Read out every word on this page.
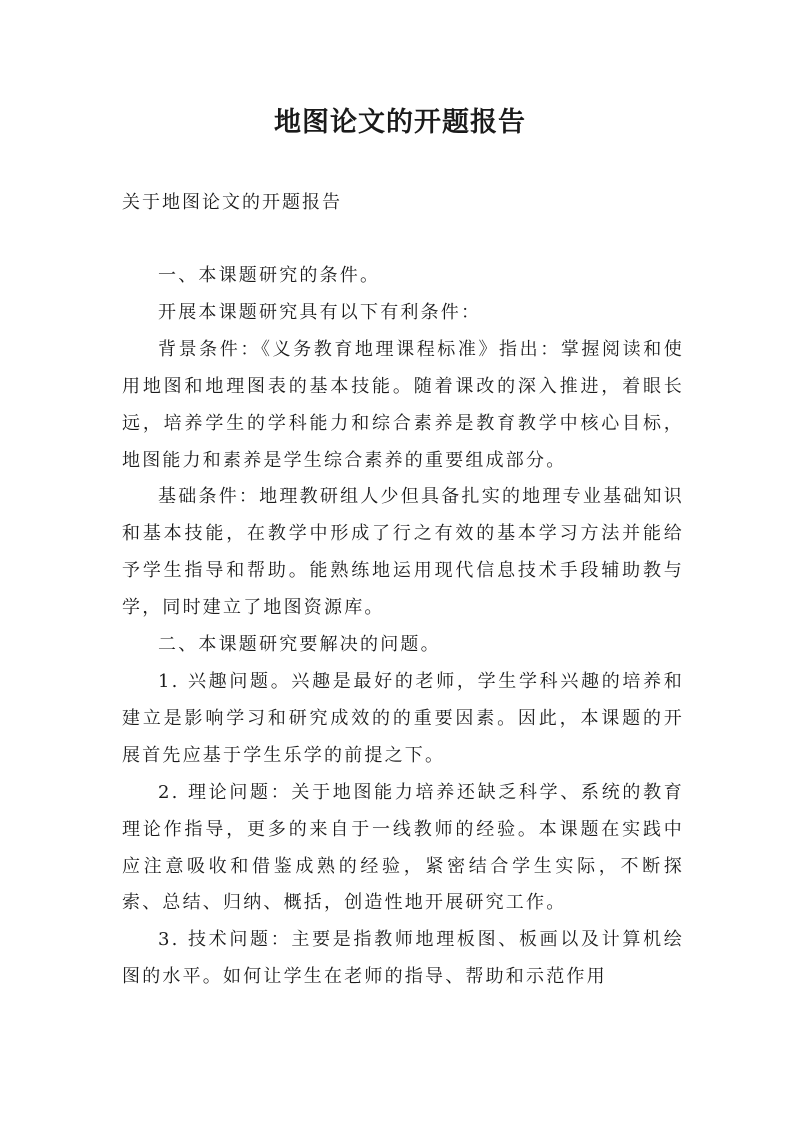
地图论文的开题报告
关于地图论文的开题报告

一、本课题研究的条件。

开展本课题研究具有以下有利条件：

背景条件：《义务教育地理课程标准》指出：掌握阅读和使用地图和地理图表的基本技能。随着课改的深入推进，着眼长远，培养学生的学科能力和综合素养是教育教学中核心目标，地图能力和素养是学生综合素养的重要组成部分。

基础条件：地理教研组人少但具备扎实的地理专业基础知识和基本技能，在教学中形成了行之有效的基本学习方法并能给予学生指导和帮助。能熟练地运用现代信息技术手段辅助教与学，同时建立了地图资源库。

二、本课题研究要解决的问题。

1. 兴趣问题。兴趣是最好的老师，学生学科兴趣的培养和建立是影响学习和研究成效的的重要因素。因此，本课题的开展首先应基于学生乐学的前提之下。

2. 理论问题：关于地图能力培养还缺乏科学、系统的教育理论作指导，更多的来自于一线教师的经验。本课题在实践中应注意吸收和借鉴成熟的经验，紧密结合学生实际，不断探索、总结、归纳、概括，创造性地开展研究工作。

3. 技术问题：主要是指教师地理板图、板画以及计算机绘图的水平。如何让学生在老师的指导、帮助和示范作用
